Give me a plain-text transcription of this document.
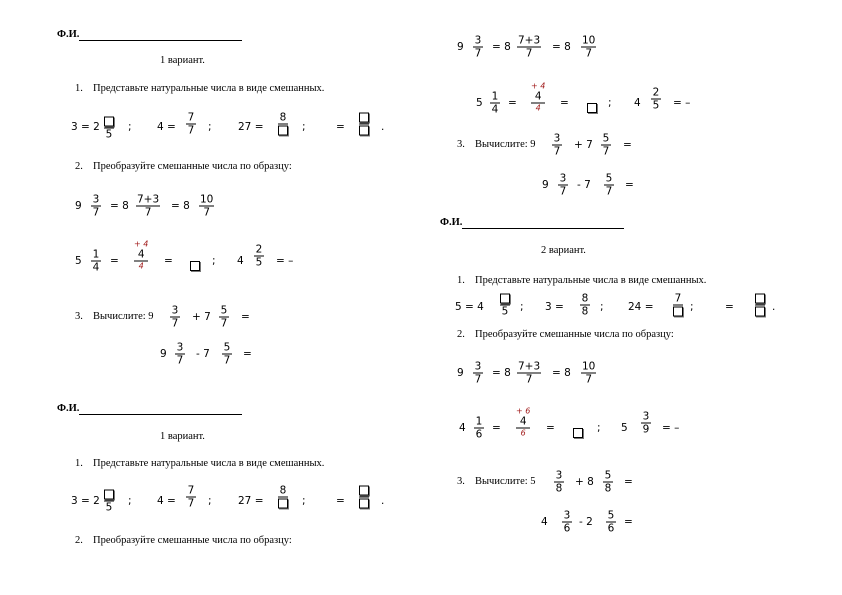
Ф.И.
1 вариант.
1. Представьте натуральные числа в виде смешанных.
3 = 2
5
; 4 =
7
7 ;	27 =
8
;	=	.
2. Преобразуйте смешанные числа по образцу:
9
3
7
= 8
7+3
7
= 8
10
7
5
1
4
=
+ 4
4
4 =	; 4
2
5 = –
3. Вычислите: 9 3
7
+ 7
5
7
=
9
3
7
- 7
5
7
=
Ф.И.
1 вариант.
1. Представьте натуральные числа в виде смешанных.
3 = 2
5
; 4 =
7
7 ;	27 =
8
;	=	.
2. Преобразуйте смешанные числа по образцу:
9
3
7
= 8
7+3
7
= 8
10
7
5
1
4
=
+ 4
4
4 =	; 4
2
5 = –
3. Вычислите: 9 3
7
+ 7
5
7
=
9
3
7
- 7
5
7
=
Ф.И.
2 вариант.
1. Представьте натуральные числа в виде смешанных.
5 = 4 5 ; 3 =
8
8 ; 24 =
7
;	=	.
2. Преобразуйте смешанные числа по образцу:
9
3
7
= 8
7+3
7
= 8
10
7
4
1
6
=
+ 6
4
6 =	; 5
3
9 = –
3. Вычислите: 5 3
8
+ 8
5
8
=
4
3
6
- 2
5
6
=
